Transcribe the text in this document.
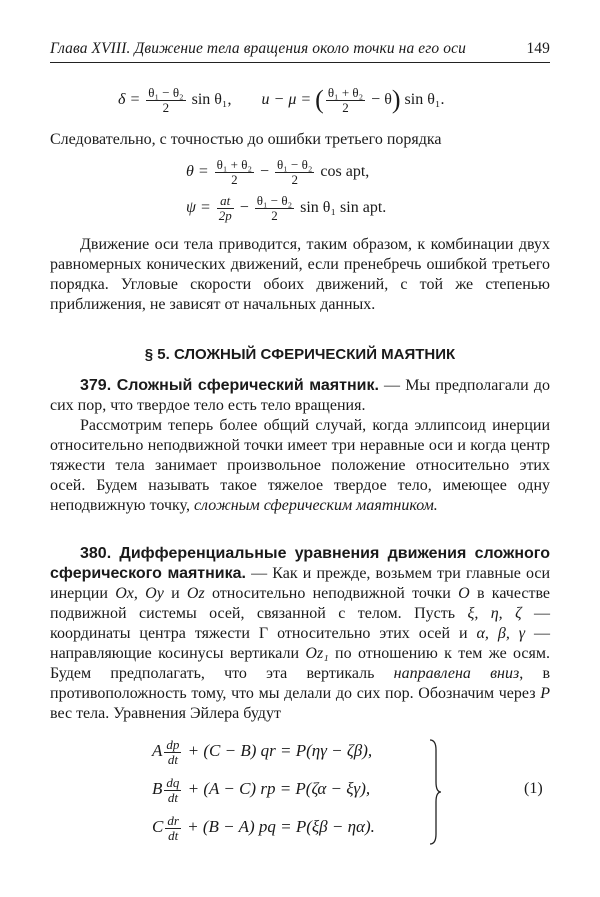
Глава XVIII. Движение тела вращения около точки на его оси	149
$\delta = \frac{\text{θ₁ − θ₂}}{2}$ sin θ₁, u − μ = ( $\frac{\text{θ₁ + θ₂}}{2} - \theta$) sin θ₁.

Следовательно, с точностью до ошибки третьего порядка

$\theta = \frac{\text{θ₁ + θ₂}}{2} - \frac{\text{θ₁ − θ₂}}{2}$ cos apt,
$\psi = \frac{at}{2p} - \frac{\text{θ₁ − θ₂}}{2}$ sin θ₁ sin apt.

Движение оси тела приводится, таким образом, к комбинации двух равномерных конических движений, если пренебречь ошибкой третьего порядка. Угловые скорости обоих движений, с той же степенью приближения, не зависят от начальных данных.

§ 5. СЛОЖНЫЙ СФЕРИЧЕСКИЙ МАЯТНИК

379. Сложный сферический маятник. — Мы предполагали до сих пор, что твердое тело есть тело вращения.

Рассмотрим теперь более общий случай, когда эллипсоид инерции относительно неподвижной точки имеет три неравные оси и когда центр тяжести тела занимает произвольное положение относительно этих осей. Будем называть такое тяжелое твердое тело, имеющее одну неподвижную точку, сложным сферическим маятником.

380. Дифференциальные уравнения движения сложного сферического маятника. — Как и прежде, возьмем три главные оси инерции Ox, Oy и Oz относительно неподвижной точки O в качестве подвижной системы осей, связанной с телом. Пусть ξ, η, ζ — координаты центра тяжести Γ относительно этих осей и α, β, γ — направляющие косинусы вертикали Oz₁ по отношению к тем же осям. Будем предполагать, что эта вертикаль направлена вниз, в противоположность тому, что мы делали до сих пор. Обозначим через P вес тела. Уравнения Эйлера будут

A $\frac{dp}{dt} + (C - B)$ qr = P(ηγ − ζβ),
B $\frac{dq}{dt} + (A - C)$ rp = P(ζα − ξγ),
C $\frac{dr}{dt} + (B - A)$ pq = P(ξβ − ηα).
(1)
